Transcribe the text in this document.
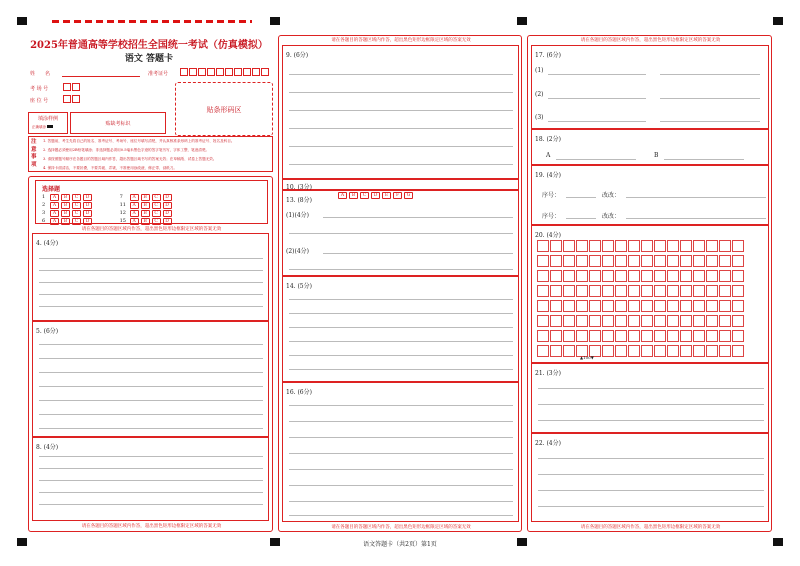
2025年普通高等学校招生全国统一考试（仿真模拟）
语文 答题卡
姓　　名	准考证号
考 场 号
座 位 号
贴条形码区
填涂样例
正确填涂	贴缺考标识
注
意
事
项
1. 答题前，考生先将自己的姓名、准考证号、考场号、座位号填写清楚，并认真核准条形码上的准考证号、姓名及科目。
2. 选择题必须使用2B铅笔填涂；非选择题必须用0.5毫米黑色字迹的签字笔书写，字体工整、笔迹清楚。
3. 请按照题号顺序在各题目的答题区域内作答，超出答题区域书写的答案无效；在草稿纸、试卷上答题无效。
4. 保持卡面清洁，不要折叠，不要弄破、弄皱，不准使用涂改液、修正带、刮纸刀。
选择题
1 A B C D	7 A B C D
2 A B C D	11 A B C D
3 A B C D	12 A B C D
6 A B C D	15 A B C D
请在各题目的答题区域内作答，超出黑色矩形边框限定区域的答案无效
4. (4分)
5. (6分)
8. (4分)
请在各题目的答题区域内作答，超出黑色矩形边框限定区域的答案无效
请在各题目的答题区域内作答，超出黑色矩形边框限定区域的答案无效
9. (6分)
10. (3分)
A B C D E F G
13. (8分)
(1)(4分)
(2)(4分)
14. (5分)
16. (6分)
请在各题目的答题区域内作答，超出黑色矩形边框限定区域的答案无效
请在各题目的答题区域内作答，超出黑色矩形边框限定区域的答案无效
17. (6分)
(1)
(2)
(3)
18. (2分)
A	B
19. (4分)
序号：	改改：
序号：	改改：
20. (4分)
▲100▼
21. (3分)
22. (4分)
请在各题目的答题区域内作答，超出黑色矩形边框限定区域的答案无效
语文答题卡（共2页）第1页
